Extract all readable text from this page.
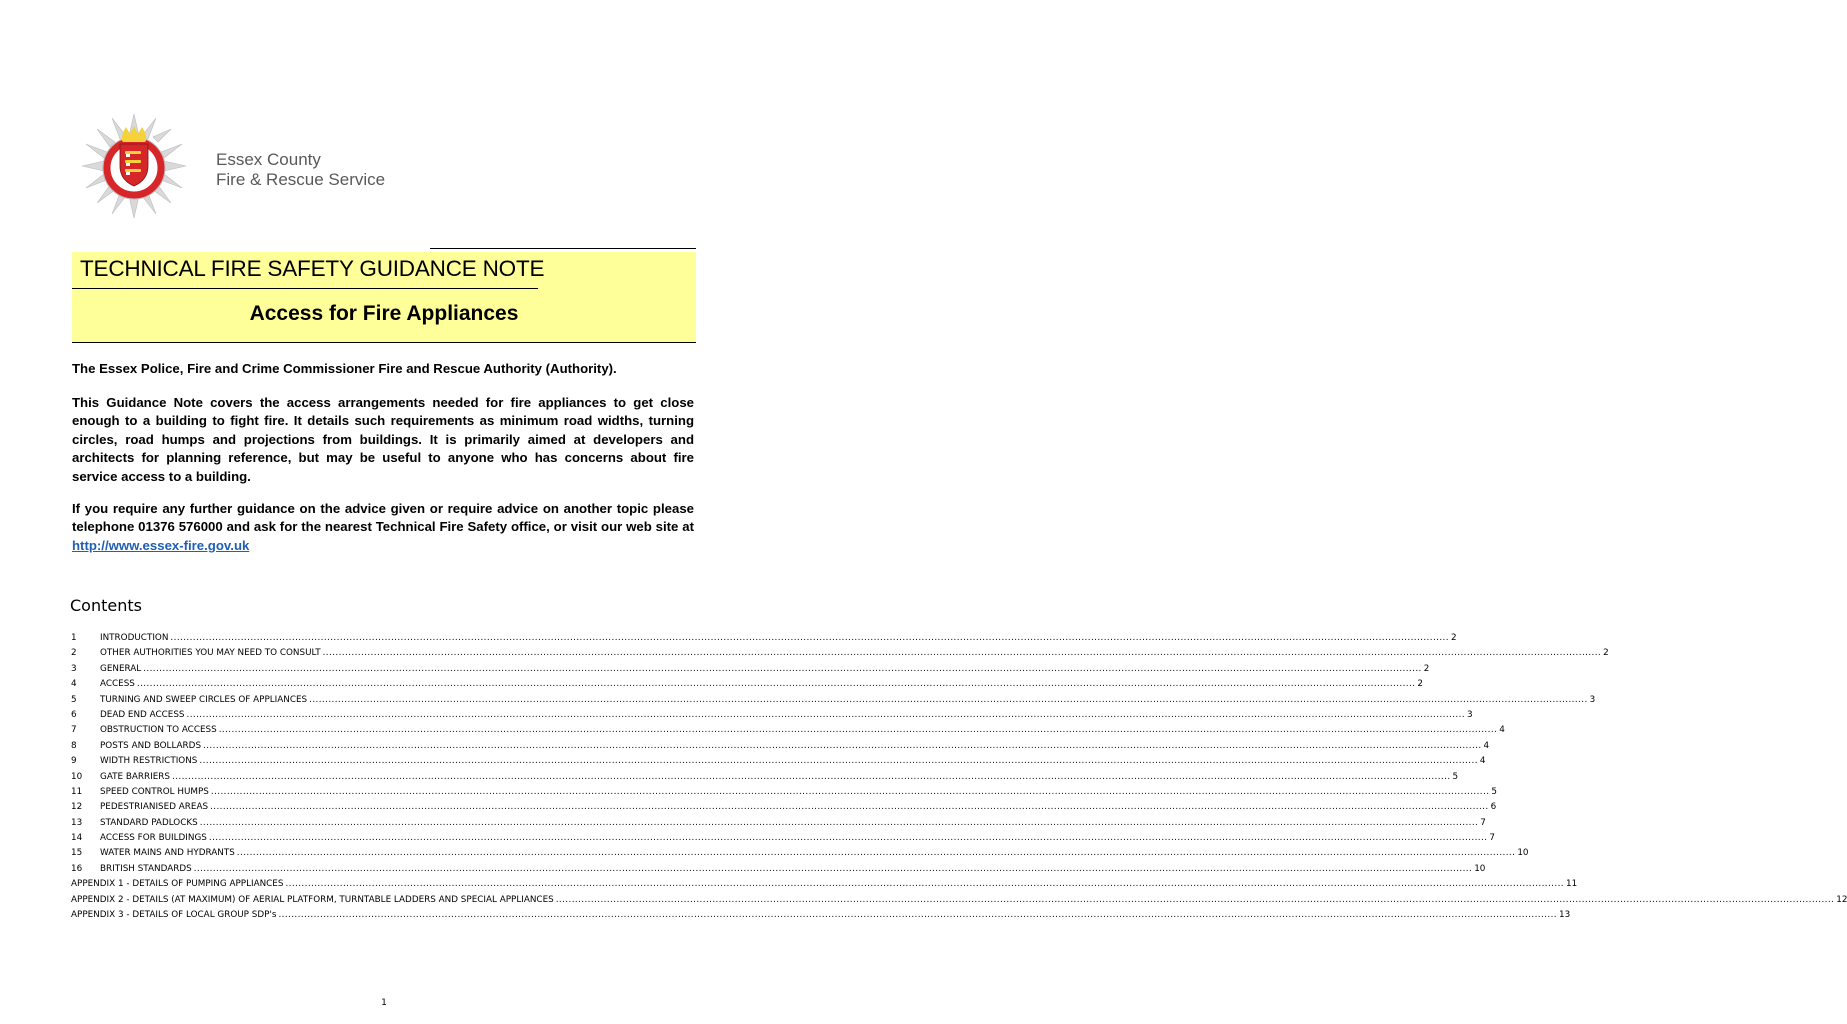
Essex County
Fire & Rescue Service
TECHNICAL FIRE SAFETY GUIDANCE NOTE
Access for Fire Appliances
The Essex Police, Fire and Crime Commissioner Fire and Rescue Authority (Authority).
This Guidance Note covers the access arrangements needed for fire appliances to get close enough to a building to fight fire. It details such requirements as minimum road widths, turning circles, road humps and projections from buildings. It is primarily aimed at developers and architects for planning reference, but may be useful to anyone who has concerns about fire service access to a building.
If you require any further guidance on the advice given or require advice on another topic please telephone 01376 576000 and ask for the nearest Technical Fire Safety office, or visit our web site at http://www.essex-fire.gov.uk
Contents
1	INTRODUCTION ................................................................................................................................................................................................................................................................................................................................................................................................................ 2
2	OTHER AUTHORITIES YOU MAY NEED TO CONSULT ................................................................................................................................................................................................................................................................................................................................................................................................................ 2
3	GENERAL ................................................................................................................................................................................................................................................................................................................................................................................................................ 2
4	ACCESS ................................................................................................................................................................................................................................................................................................................................................................................................................ 2
5	TURNING AND SWEEP CIRCLES OF APPLIANCES ................................................................................................................................................................................................................................................................................................................................................................................................................ 3
6	DEAD END ACCESS ................................................................................................................................................................................................................................................................................................................................................................................................................ 3
7	OBSTRUCTION TO ACCESS ................................................................................................................................................................................................................................................................................................................................................................................................................ 4
8	POSTS AND BOLLARDS ................................................................................................................................................................................................................................................................................................................................................................................................................ 4
9	WIDTH RESTRICTIONS ................................................................................................................................................................................................................................................................................................................................................................................................................ 4
10	GATE BARRIERS ................................................................................................................................................................................................................................................................................................................................................................................................................ 5
11	SPEED CONTROL HUMPS ................................................................................................................................................................................................................................................................................................................................................................................................................ 5
12	PEDESTRIANISED AREAS ................................................................................................................................................................................................................................................................................................................................................................................................................ 6
13	STANDARD PADLOCKS ................................................................................................................................................................................................................................................................................................................................................................................................................ 7
14	ACCESS FOR BUILDINGS ................................................................................................................................................................................................................................................................................................................................................................................................................ 7
15	WATER MAINS AND HYDRANTS ................................................................................................................................................................................................................................................................................................................................................................................................................ 10
16	BRITISH STANDARDS ................................................................................................................................................................................................................................................................................................................................................................................................................ 10
APPENDIX 1 - DETAILS OF PUMPING APPLIANCES ................................................................................................................................................................................................................................................................................................................................................................................................................ 11
APPENDIX 2 - DETAILS (AT MAXIMUM) OF AERIAL PLATFORM, TURNTABLE LADDERS AND SPECIAL APPLIANCES ................................................................................................................................................................................................................................................................................................................................................................................................................ 12
APPENDIX 3 - DETAILS OF LOCAL GROUP SDP's ................................................................................................................................................................................................................................................................................................................................................................................................................ 13
1
